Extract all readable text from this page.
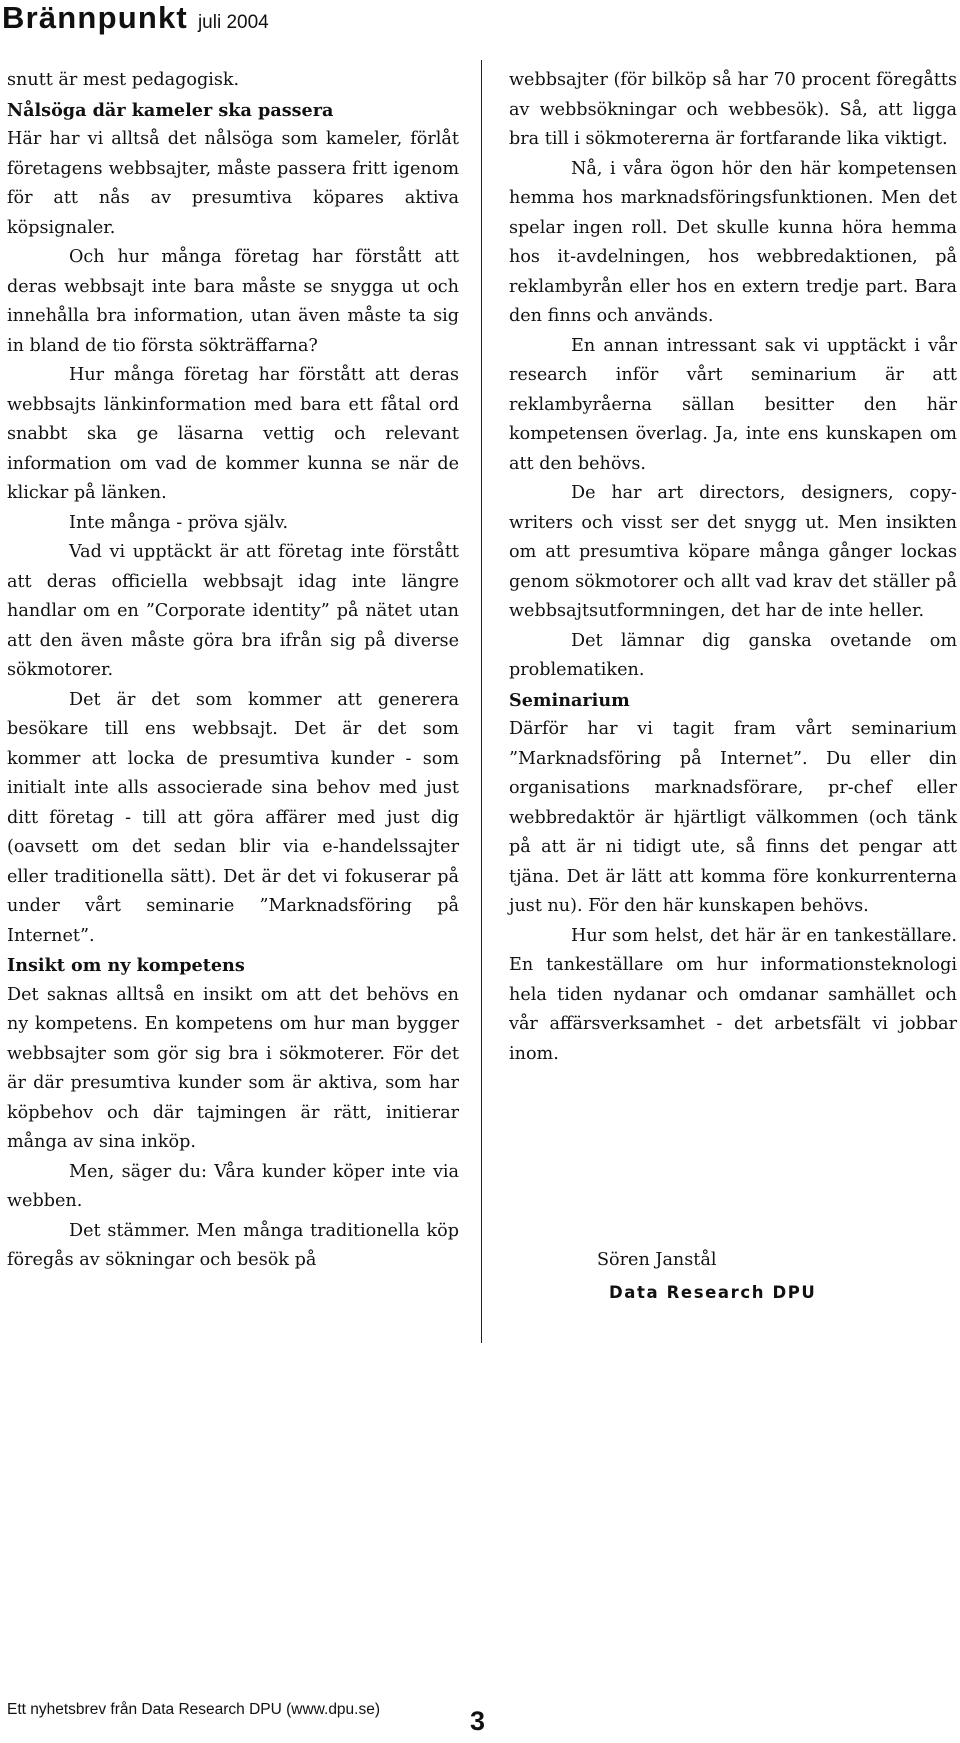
Brännpunkt juli 2004

snutt är mest pedagogisk.

Nålsöga där kameler ska passera

Här har vi alltså det nålsöga som kameler, förlåt företagens webbsajter, måste passera fritt igenom för att nås av presumtiva köpares aktiva köpsignaler.

Och hur många företag har förstått att deras webbsajt inte bara måste se snygga ut och innehålla bra information, utan även måste ta sig in bland de tio första sökträffarna?

Hur många företag har förstått att deras webbsajts länkinformation med bara ett fåtal ord snabbt ska ge läsarna vettig och relevant information om vad de kommer kunna se när de klickar på länken.

Inte många - pröva själv.

Vad vi upptäckt är att företag inte förstått att deras officiella webbsajt idag inte längre handlar om en ”Corporate identity” på nätet utan att den även måste göra bra ifrån sig på diverse sökmotorer.

Det är det som kommer att generera besökare till ens webbsajt. Det är det som kommer att locka de presumtiva kunder - som initialt inte alls associerade sina behov med just ditt företag - till att göra affärer med just dig (oavsett om det sedan blir via e-handelssajter eller traditionella sätt). Det är det vi fokuserar på under vårt seminarie ”Marknadsföring på Internet”.

Insikt om ny kompetens

Det saknas alltså en insikt om att det behövs en ny kompetens. En kompetens om hur man bygger webbsajter som gör sig bra i sökmoterer. För det är där presumtiva kunder som är aktiva, som har köpbehov och där tajmingen är rätt, initierar många av sina inköp.

Men, säger du: Våra kunder köper inte via webben.

Det stämmer. Men många traditionella köp föregås av sökningar och besök på

webbsajter (för bilköp så har 70 procent föregåtts av webbsökningar och webbesök). Så, att ligga bra till i sökmotererna är fortfarande lika viktigt.

Nå, i våra ögon hör den här kompetensen hemma hos marknadsföringsfunktionen. Men det spelar ingen roll. Det skulle kunna höra hemma hos it-avdelningen, hos webbredaktionen, på reklambyrån eller hos en extern tredje part. Bara den finns och används.

En annan intressant sak vi upptäckt i vår research inför vårt seminarium är att reklambyråerna sällan besitter den här kompetensen överlag. Ja, inte ens kunskapen om att den behövs.

De har art directors, designers, copywriters och visst ser det snygg ut. Men insikten om att presumtiva köpare många gånger lockas genom sökmotorer och allt vad krav det ställer på webbsajtsutformningen, det har de inte heller.

Det lämnar dig ganska ovetande om problematiken.

Seminarium

Därför har vi tagit fram vårt seminarium ”Marknadsföring på Internet”. Du eller din organisations marknadsförare, pr-chef eller webbredaktör är hjärtligt välkommen (och tänk på att är ni tidigt ute, så finns det pengar att tjäna. Det är lätt att komma före konkurrenterna just nu). För den här kunskapen behövs.

Hur som helst, det här är en tankeställare. En tankeställare om hur informationsteknologi hela tiden nydanar och omdanar samhället och vår affärsverksamhet - det arbetsfält vi jobbar inom.

Sören Janstål
Data Research DPU
Ett nyhetsbrev från Data Research DPU (www.dpu.se)	3
